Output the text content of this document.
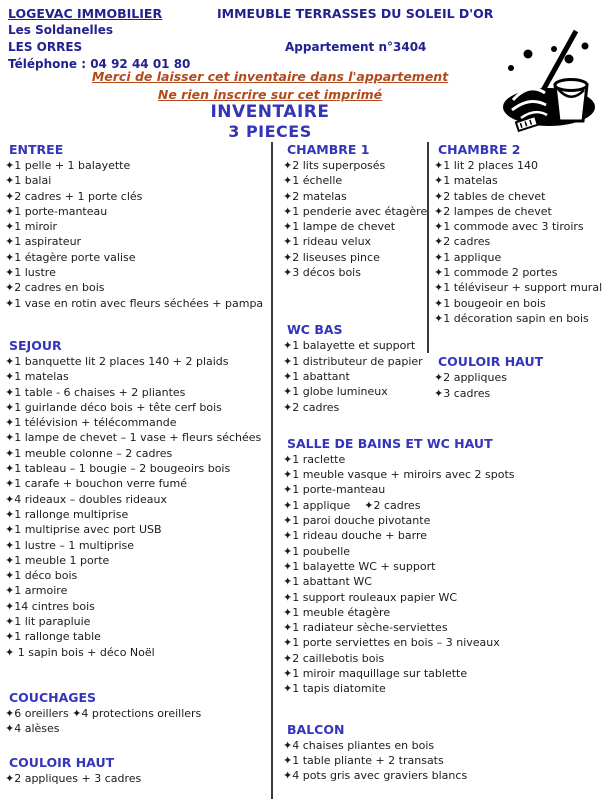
LOGEVAC IMMOBILIER	IMMEUBLE TERRASSES DU SOLEIL D'OR
Les Soldanelles
LES ORRES	Appartement n°3404
Téléphone : 04 92 44 01 80
Merci de laisser cet inventaire dans l'appartement
Ne rien inscrire sur cet imprimé
INVENTAIRE
3 PIECES
ENTREE
✦1 pelle + 1 balayette
✦1 balai
✦2 cadres + 1 porte clés
✦1 porte-manteau
✦1 miroir
✦1 aspirateur
✦1 étagère porte valise
✦1 lustre
✦2 cadres en bois
✦1 vase en rotin avec fleurs séchées + pampa
SEJOUR
✦1 banquette lit 2 places 140 + 2 plaids
✦1 matelas
✦1 table - 6 chaises + 2 pliantes
✦1 guirlande déco bois + tête cerf bois
✦1 télévision + télécommande
✦1 lampe de chevet – 1 vase + fleurs séchées
✦1 meuble colonne – 2 cadres
✦1 tableau – 1 bougie – 2 bougeoirs bois
✦1 carafe + bouchon verre fumé
✦4 rideaux – doubles rideaux
✦1 rallonge multiprise
✦1 multiprise avec port USB
✦1 lustre – 1 multiprise
✦1 meuble 1 porte
✦1 déco bois
✦1 armoire
✦14 cintres bois
✦1 lit parapluie
✦1 rallonge table
✦ 1 sapin bois + déco Noël
COUCHAGES
✦6 oreillers ✦4 protections oreillers
✦4 alèses
COULOIR HAUT
✦2 appliques + 3 cadres
CHAMBRE 1
✦2 lits superposés
✦1 échelle
✦2 matelas
✦1 penderie avec étagère
✦1 lampe de chevet
✦1 rideau velux
✦2 liseuses pince
✦3 décos bois
WC BAS
✦1 balayette et support
✦1 distributeur de papier
✦1 abattant
✦1 globe lumineux
✦2 cadres
SALLE DE BAINS ET WC HAUT
✦1 raclette
✦1 meuble vasque + miroirs avec 2 spots
✦1 porte-manteau
✦1 applique    ✦2 cadres
✦1 paroi douche pivotante
✦1 rideau douche + barre
✦1 poubelle
✦1 balayette WC + support
✦1 abattant WC
✦1 support rouleaux papier WC
✦1 meuble étagère
✦1 radiateur sèche-serviettes
✦1 porte serviettes en bois – 3 niveaux
✦2 caillebotis bois
✦1 miroir maquillage sur tablette
✦1 tapis diatomite
BALCON
✦4 chaises pliantes en bois
✦1 table pliante + 2 transats
✦4 pots gris avec graviers blancs
CHAMBRE 2
✦1 lit 2 places 140
✦1 matelas
✦2 tables de chevet
✦2 lampes de chevet
✦1 commode avec 3 tiroirs
✦2 cadres
✦1 applique
✦1 commode 2 portes
✦1 téléviseur + support mural
✦1 bougeoir en bois
✦1 décoration sapin en bois
COULOIR HAUT
✦2 appliques
✦3 cadres
